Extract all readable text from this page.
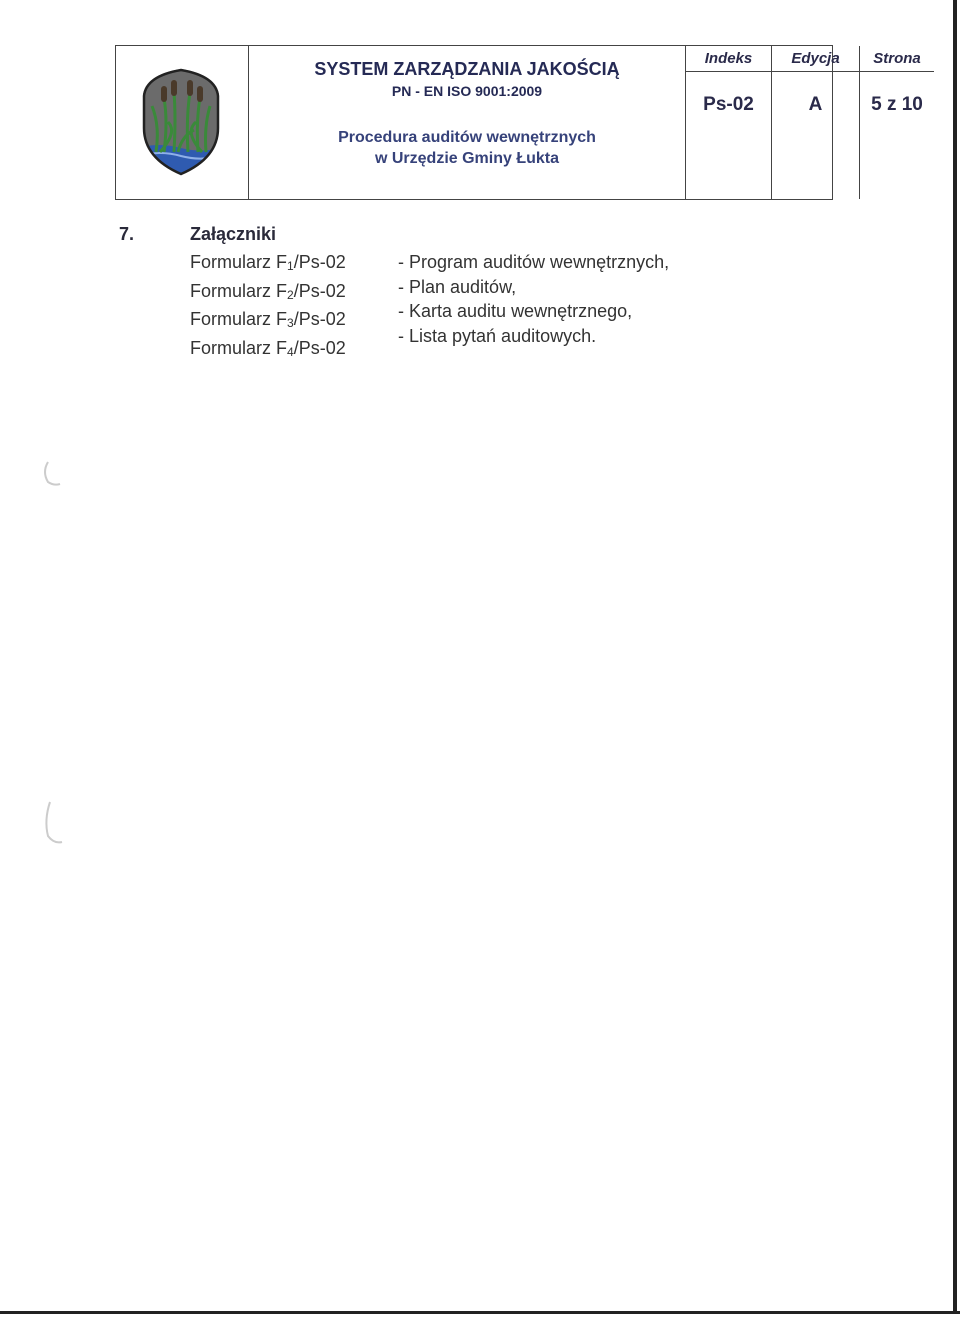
SYSTEM ZARZĄDZANIA JAKOŚCIĄ
PN - EN ISO 9001:2009
Procedura auditów wewnętrznych
w Urzędzie Gminy Łukta
Indeks
Ps-02
Edycja
A
Strona
5 z 10
7.	Załączniki
Formularz F1/Ps-02
Formularz F2/Ps-02
Formularz F3/Ps-02
Formularz F4/Ps-02
- Program auditów wewnętrznych,
- Plan auditów,
- Karta auditu wewnętrznego,
- Lista pytań auditowych.
